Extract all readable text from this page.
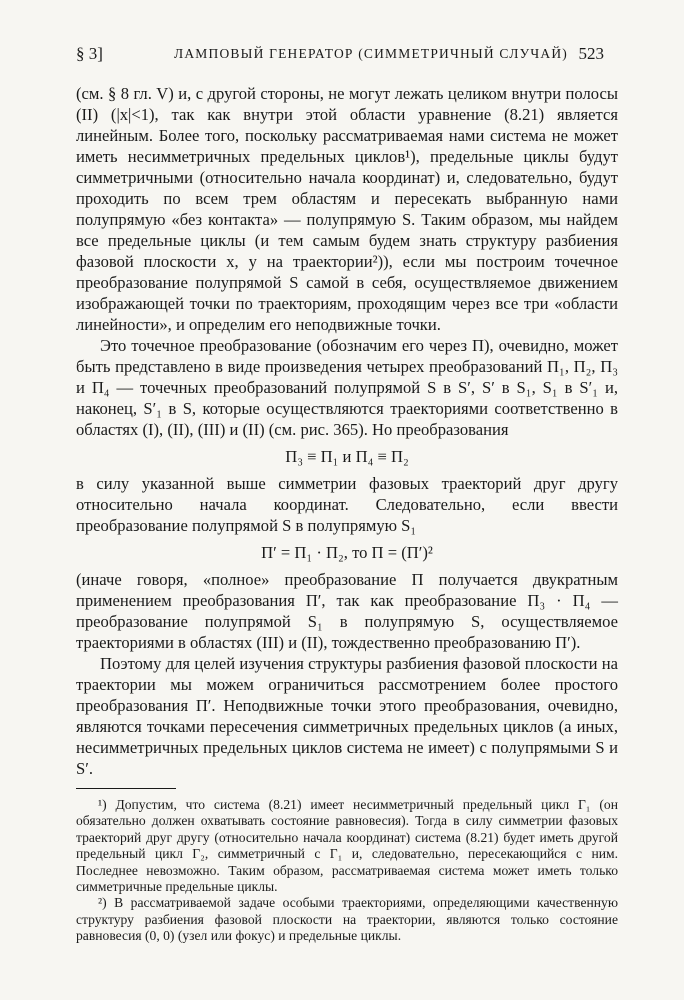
§ 3]	ЛАМПОВЫЙ ГЕНЕРАТОР (СИММЕТРИЧНЫЙ СЛУЧАЙ) 523

(см. § 8 гл. V) и, с другой стороны, не могут лежать целиком внутри полосы (II) (|x|<1), так как внутри этой области уравнение (8.21) является линейным. Более того, поскольку рассматриваемая нами система не может иметь несимметричных предельных циклов¹), предельные циклы будут симметричными (относительно начала координат) и, следовательно, будут проходить по всем трем областям и пересекать выбранную нами полупрямую «без контакта» — полупрямую S. Таким образом, мы найдем все предельные циклы (и тем самым будем знать структуру разбиения фазовой плоскости x, y на траектории²)), если мы построим точечное преобразование полупрямой S самой в себя, осуществляемое движением изображающей точки по траекториям, проходящим через все три «области линейности», и определим его неподвижные точки.

Это точечное преобразование (обозначим его через П), очевидно, может быть представлено в виде произведения четырех преобразований П₁, П₂, П₃ и П₄ — точечных преобразований полупрямой S в S′, S′ в S₁, S₁ в S′₁ и, наконец, S′₁ в S, которые осуществляются траекториями соответственно в областях (I), (II), (III) и (II) (см. рис. 365). Но преобразования

П₃ ≡ П₁ и П₄ ≡ П₂

в силу указанной выше симметрии фазовых траекторий друг другу относительно начала координат. Следовательно, если ввести преобразование полупрямой S в полупрямую S₁

П′ = П₁ · П₂, то П = (П′)²

(иначе говоря, «полное» преобразование П получается двукратным применением преобразования П′, так как преобразование П₃ · П₄ — преобразование полупрямой S₁ в полупрямую S, осуществляемое траекториями в областях (III) и (II), тождественно преобразованию П′).

Поэтому для целей изучения структуры разбиения фазовой плоскости на траектории мы можем ограничиться рассмотрением более простого преобразования П′. Неподвижные точки этого преобразования, очевидно, являются точками пересечения симметричных предельных циклов (а иных, несимметричных предельных циклов система не имеет) с полупрямыми S и S′.

¹) Допустим, что система (8.21) имеет несимметричный предельный цикл Γ₁ (он обязательно должен охватывать состояние равновесия). Тогда в силу симметрии фазовых траекторий друг другу (относительно начала координат) система (8.21) будет иметь другой предельный цикл Γ₂, симметричный с Γ₁ и, следовательно, пересекающийся с ним. Последнее невозможно. Таким образом, рассматриваемая система может иметь только симметричные предельные циклы.

²) В рассматриваемой задаче особыми траекториями, определяющими качественную структуру разбиения фазовой плоскости на траектории, являются только состояние равновесия (0, 0) (узел или фокус) и предельные циклы.
